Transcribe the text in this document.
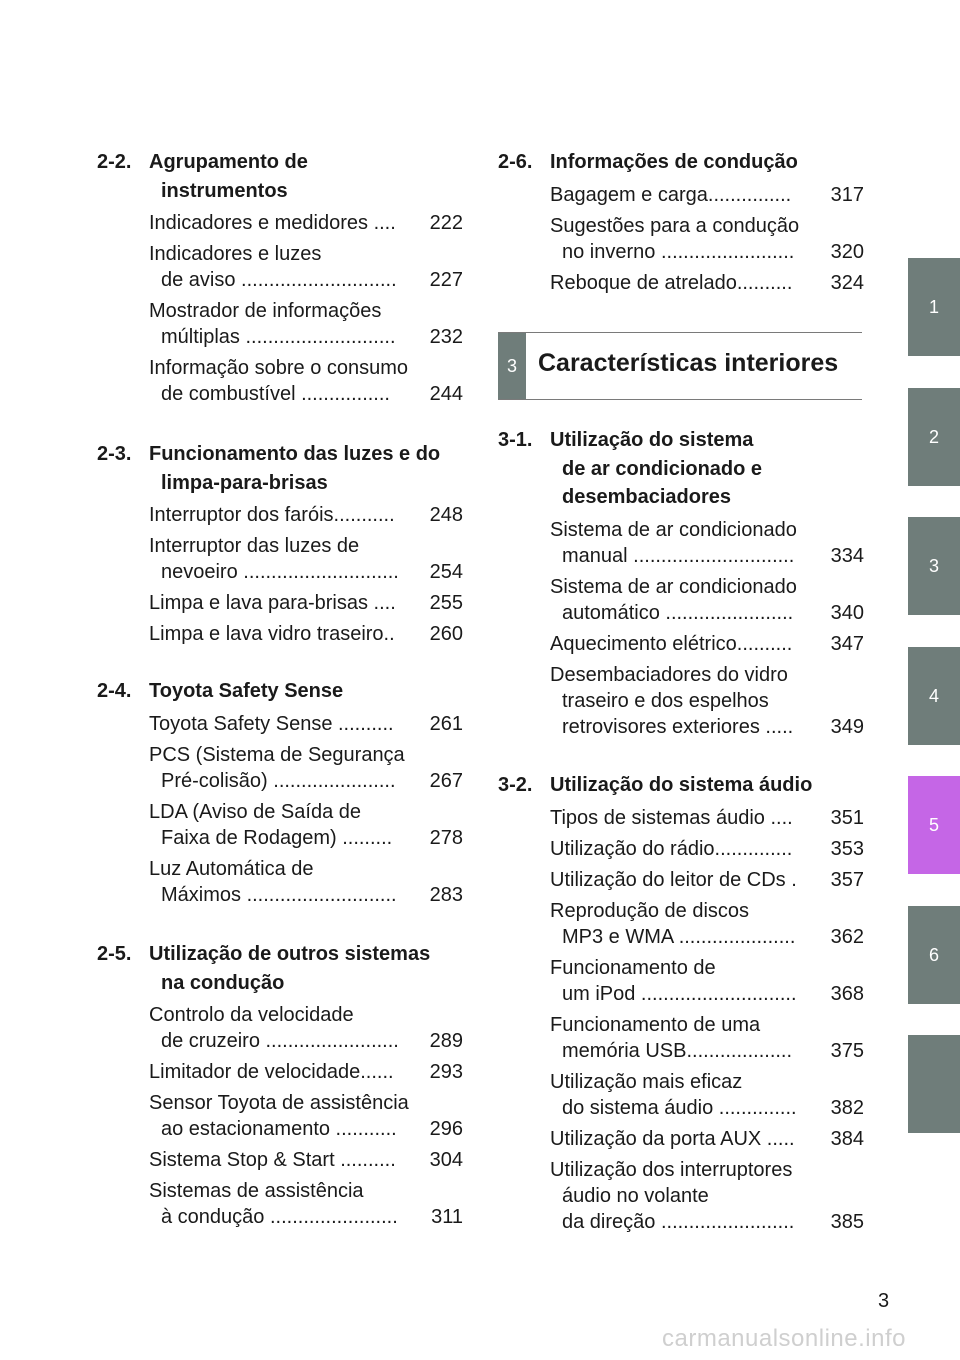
2-2. Agrupamento de
instrumentos
Indicadores e medidores ....	222
Indicadores e luzes
de aviso ............................	227
Mostrador de informações
múltiplas ...........................	232
Informação sobre o consumo
de combustível ................	244
2-3. Funcionamento das luzes e do
limpa-para-brisas
Interruptor dos faróis...........	248
Interruptor das luzes de
nevoeiro ............................	254
Limpa e lava para-brisas ....	255
Limpa e lava vidro traseiro..	260
2-4. Toyota Safety Sense
Toyota Safety Sense ..........	261
PCS (Sistema de Segurança
Pré-colisão) ......................	267
LDA (Aviso de Saída de
Faixa de Rodagem) .........	278
Luz Automática de
Máximos ...........................	283
2-5. Utilização de outros sistemas
na condução
Controlo da velocidade
de cruzeiro ........................	289
Limitador de velocidade......	293
Sensor Toyota de assistência
ao estacionamento ...........	296
Sistema Stop & Start ..........	304
Sistemas de assistência
à condução .......................	311
2-6. Informações de condução
Bagagem e carga...............	317
Sugestões para a condução
no inverno ........................	320
Reboque de atrelado..........	324
3-1. Utilização do sistema
de ar condicionado e
desembaciadores
Sistema de ar condicionado
manual .............................	334
Sistema de ar condicionado
automático .......................	340
Aquecimento elétrico..........	347
Desembaciadores do vidro
traseiro e dos espelhos
retrovisores exteriores .....	349
3-2. Utilização do sistema áudio
Tipos de sistemas áudio ....	351
Utilização do rádio..............	353
Utilização do leitor de CDs .	357
Reprodução de discos
MP3 e WMA .....................	362
Funcionamento de
um iPod ............................	368
Funcionamento de uma
memória USB...................	375
Utilização mais eficaz
do sistema áudio ..............	382
Utilização da porta AUX .....	384
Utilização dos interruptores
áudio no volante
da direção ........................	385
3 Características interiores
1
2
3
4
5
6
3
carmanualsonline.info
